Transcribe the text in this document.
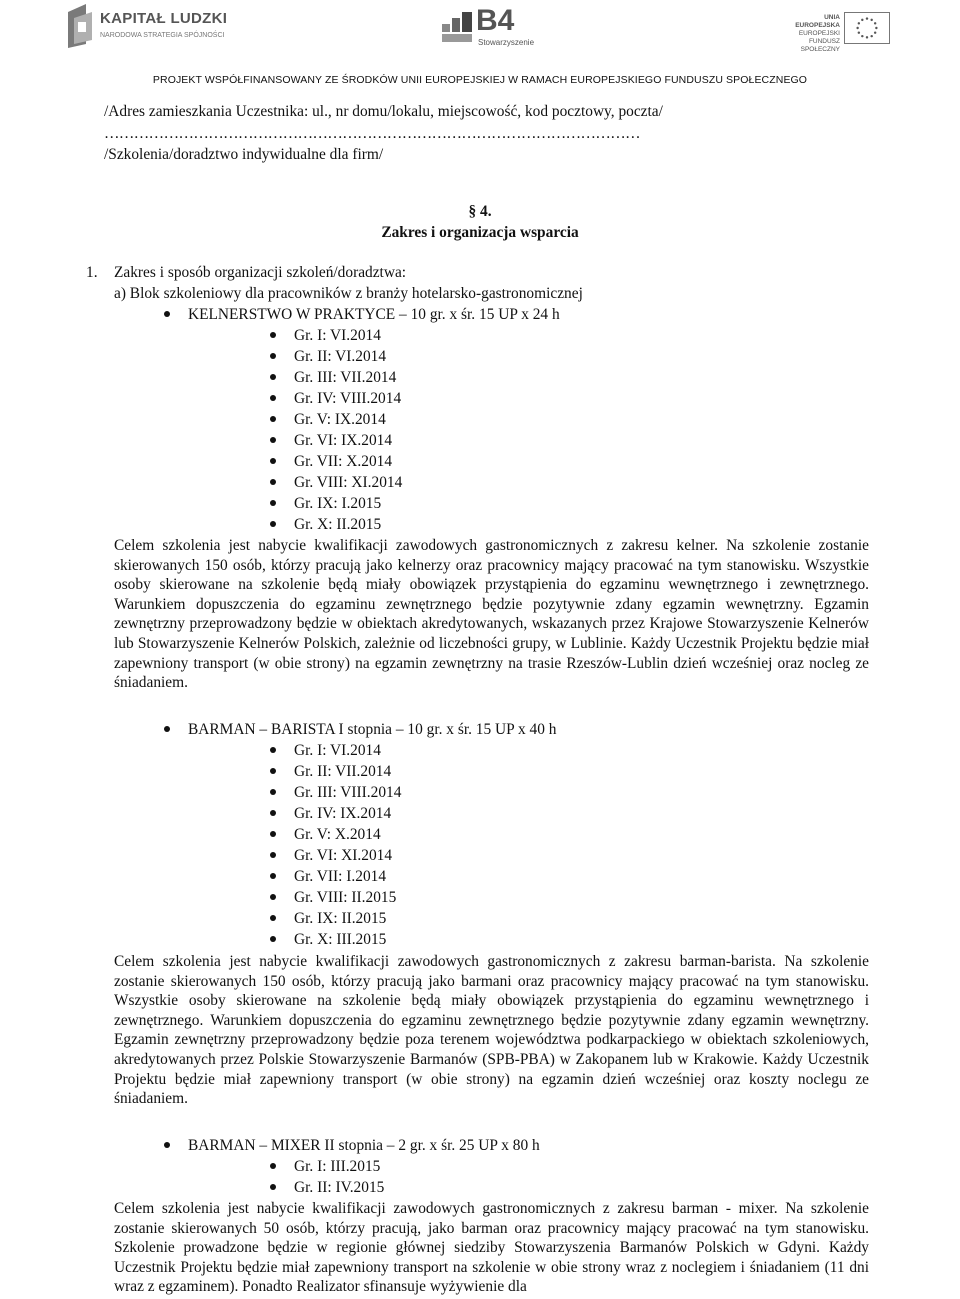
KAPITAŁ LUDZKI
NARODOWA STRATEGIA SPÓJNOŚCI	B4
Stowarzyszenie
UNIA EUROPEJSKA
EUROPEJSKI
FUNDUSZ SPOŁECZNY
PROJEKT WSPÓŁFINANSOWANY ZE ŚRODKÓW UNII EUROPEJSKIEJ W RAMACH EUROPEJSKIEGO FUNDUSZU SPOŁECZNEGO
/Adres zamieszkania Uczestnika: ul., nr domu/lokalu, miejscowość, kod pocztowy, poczta/
………………………………………………………………………………………………
/Szkolenia/doradztwo indywidualne dla firm/
§ 4.
Zakres i organizacja wsparcia
1. Zakres i sposób organizacji szkoleń/doradztwa:
a) Blok szkoleniowy dla pracowników z branży hotelarsko-gastronomicznej
KELNERSTWO W PRAKTYCE – 10 gr. x śr. 15 UP x 24 h
Gr. I: VI.2014
Gr. II: VI.2014
Gr. III: VII.2014
Gr. IV: VIII.2014
Gr. V: IX.2014
Gr. VI: IX.2014
Gr. VII: X.2014
Gr. VIII: XI.2014
Gr. IX: I.2015
Gr. X: II.2015
Celem szkolenia jest nabycie kwalifikacji zawodowych gastronomicznych z zakresu kelner. Na szkolenie zostanie skierowanych 150 osób, którzy pracują jako kelnerzy oraz pracownicy mający pracować na tym stanowisku. Wszystkie osoby skierowane na szkolenie będą miały obowiązek przystąpienia do egzaminu wewnętrznego i zewnętrznego. Warunkiem dopuszczenia do egzaminu zewnętrznego będzie pozytywnie zdany egzamin wewnętrzny. Egzamin zewnętrzny przeprowadzony będzie w obiektach akredytowanych, wskazanych przez Krajowe Stowarzyszenie Kelnerów lub Stowarzyszenie Kelnerów Polskich, zależnie od liczebności grupy, w Lublinie. Każdy Uczestnik Projektu będzie miał zapewniony transport (w obie strony) na egzamin zewnętrzny na trasie Rzeszów-Lublin dzień wcześniej oraz nocleg ze śniadaniem.
BARMAN – BARISTA I stopnia – 10 gr. x śr. 15 UP x 40 h
Gr. I: VI.2014
Gr. II: VII.2014
Gr. III: VIII.2014
Gr. IV: IX.2014
Gr. V: X.2014
Gr. VI: XI.2014
Gr. VII: I.2014
Gr. VIII: II.2015
Gr. IX: II.2015
Gr. X: III.2015
Celem szkolenia jest nabycie kwalifikacji zawodowych gastronomicznych z zakresu barman-barista. Na szkolenie zostanie skierowanych 150 osób, którzy pracują jako barmani oraz pracownicy mający pracować na tym stanowisku. Wszystkie osoby skierowane na szkolenie będą miały obowiązek przystąpienia do egzaminu wewnętrznego i zewnętrznego. Warunkiem dopuszczenia do egzaminu zewnętrznego będzie pozytywnie zdany egzamin wewnętrzny. Egzamin zewnętrzny przeprowadzony będzie poza terenem województwa podkarpackiego w obiektach szkoleniowych, akredytowanych przez Polskie Stowarzyszenie Barmanów (SPB-PBA) w Zakopanem lub w Krakowie. Każdy Uczestnik Projektu będzie miał zapewniony transport (w obie strony) na egzamin dzień wcześniej oraz koszty noclegu ze śniadaniem.
BARMAN – MIXER II stopnia – 2 gr. x śr. 25 UP x 80 h
Gr. I: III.2015
Gr. II: IV.2015
Celem szkolenia jest nabycie kwalifikacji zawodowych gastronomicznych z zakresu barman - mixer. Na szkolenie zostanie skierowanych 50 osób, którzy pracują, jako barman oraz pracownicy mający pracować na tym stanowisku. Szkolenie prowadzone będzie w regionie głównej siedziby Stowarzyszenia Barmanów Polskich w Gdyni. Każdy Uczestnik Projektu będzie miał zapewniony transport na szkolenie w obie strony wraz z noclegiem i śniadaniem (11 dni wraz z egzaminem). Ponadto Realizator sfinansuje wyżywienie dla
